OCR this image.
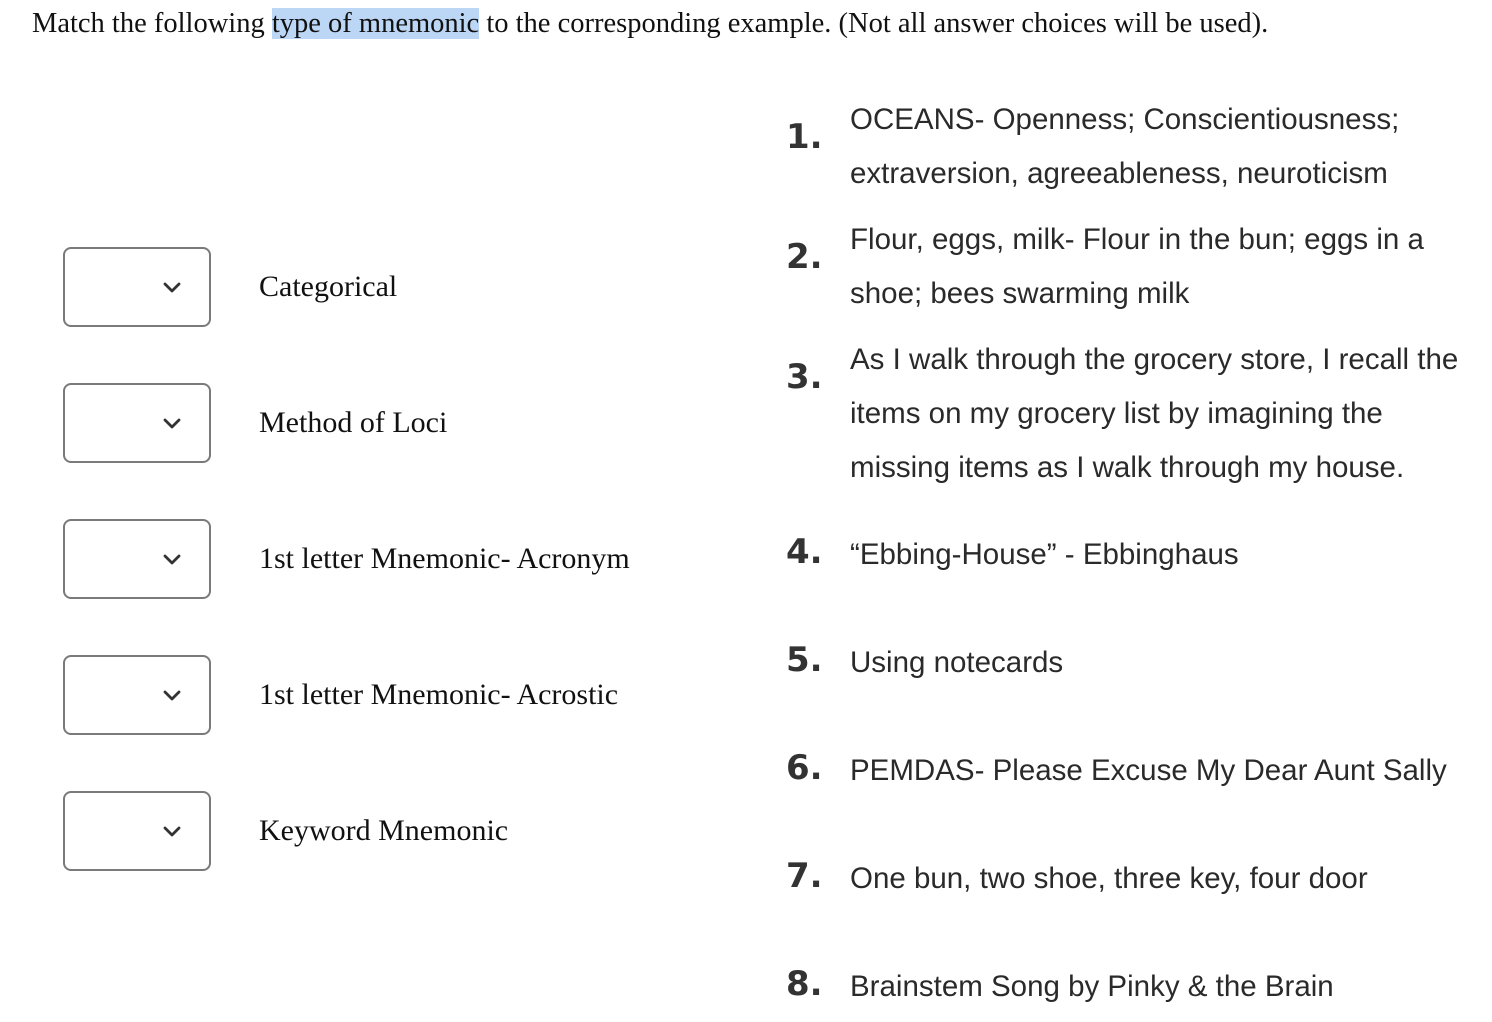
Match the following type of mnemonic to the corresponding example. (Not all answer choices will be used).
Categorical
Method of Loci
1st letter Mnemonic- Acronym
1st letter Mnemonic- Acrostic
Keyword Mnemonic
1. OCEANS- Openness; Conscientiousness; extraversion, agreeableness, neuroticism
2. Flour, eggs, milk- Flour in the bun; eggs in a shoe; bees swarming milk
3. As I walk through the grocery store, I recall the items on my grocery list by imagining the missing items as I walk through my house.
4. “Ebbing-House” - Ebbinghaus
5. Using notecards
6. PEMDAS- Please Excuse My Dear Aunt Sally
7. One bun, two shoe, three key, four door
8. Brainstem Song by Pinky & the Brain
